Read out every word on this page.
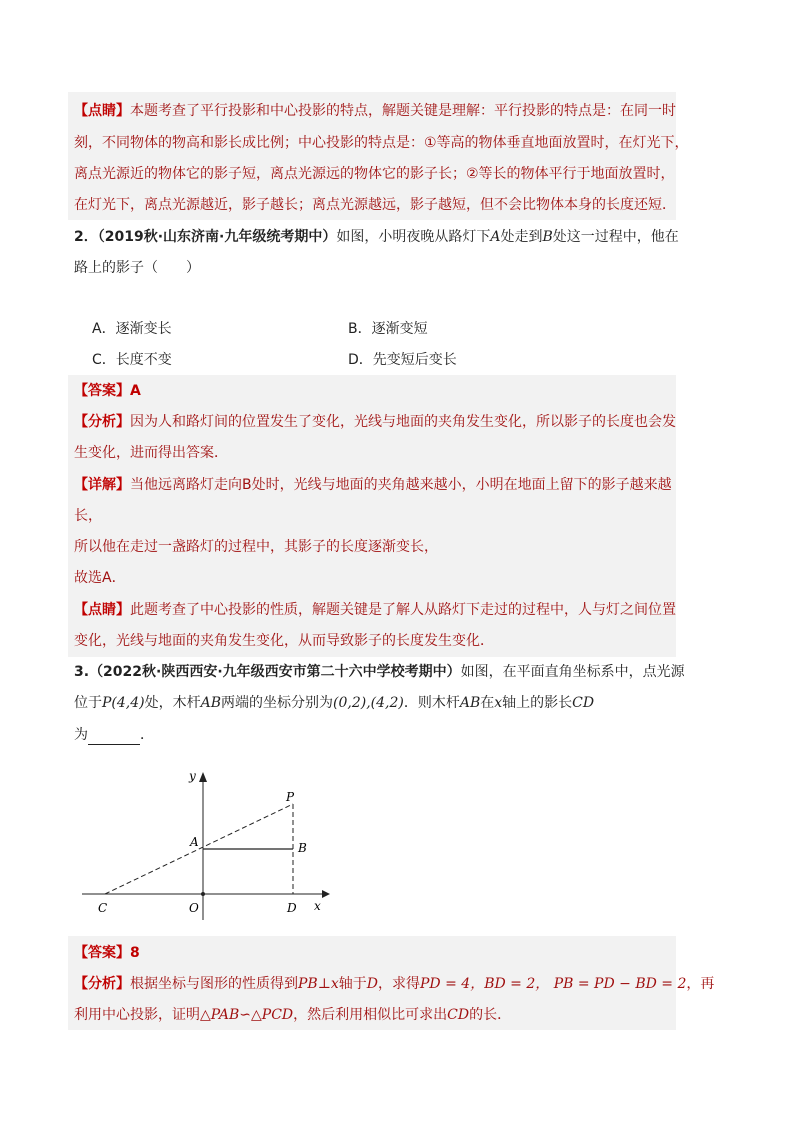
【点睛】本题考查了平行投影和中心投影的特点，解题关键是理解：平行投影的特点是：在同一时
刻，不同物体的物高和影长成比例；中心投影的特点是：①等高的物体垂直地面放置时，在灯光下，
离点光源近的物体它的影子短，离点光源远的物体它的影子长；②等长的物体平行于地面放置时，
在灯光下，离点光源越近，影子越长；离点光源越远，影子越短，但不会比物体本身的长度还短．
2．（2019秋·山东济南·九年级统考期中）如图，小明夜晚从路灯下A处走到B处这一过程中，他在
路上的影子（　　）
A．逐渐变长	B．逐渐变短
C．长度不变	D．先变短后变长
【答案】A
【分析】因为人和路灯间的位置发生了变化，光线与地面的夹角发生变化，所以影子的长度也会发
生变化，进而得出答案．
【详解】当他远离路灯走向B处时，光线与地面的夹角越来越小，小明在地面上留下的影子越来越
长，
所以他在走过一盏路灯的过程中，其影子的长度逐渐变长，
故选A．
【点睛】此题考查了中心投影的性质，解题关键是了解人从路灯下走过的过程中，人与灯之间位置
变化，光线与地面的夹角发生变化，从而导致影子的长度发生变化．
3.（2022秋·陕西西安·九年级西安市第二十六中学校考期中）如图，在平面直角坐标系中，点光源
位于P(4,4)处，木杆AB两端的坐标分别为(0,2),(4,2)．则木杆AB在x轴上的影长CD
为	．
y
x
P
A	B
C	O	D
【答案】8
【分析】根据坐标与图形的性质得到PB⊥x轴于D，求得PD = 4，BD = 2， PB = PD − BD = 2，再
利用中心投影，证明△PAB∽△PCD，然后利用相似比可求出CD的长．
